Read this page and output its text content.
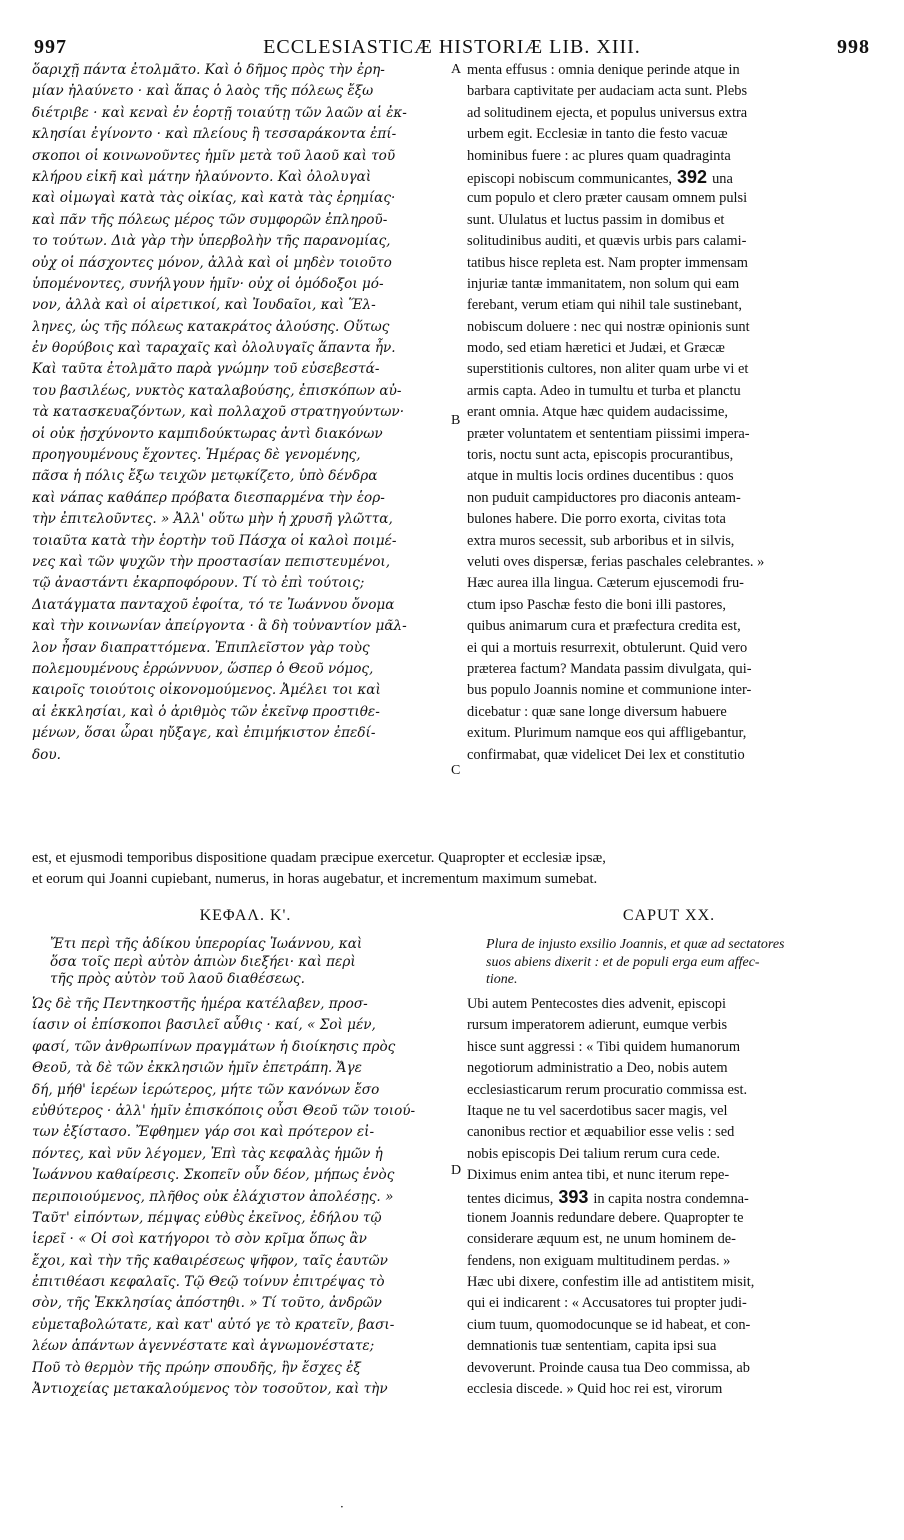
997	ECCLESIASTICÆ HISTORIÆ LIB. XIII.	998
ὅαριχῇ πάντα ἐτολμᾶτο. Καὶ ὁ δῆμος πρὸς τὴν ἐρη-
μίαν ἠλαύνετο · καὶ ἅπας ὁ λαὸς τῆς πόλεως ἔξω
διέτριβε · καὶ κεναὶ ἐν ἑορτῇ τοιαύτῃ τῶν λαῶν αἱ ἐκ-
κλησίαι ἐγίνοντο · καὶ πλείους ἢ τεσσαράκοντα ἐπί-
σκοποι οἱ κοινωνοῦντες ἡμῖν μετὰ τοῦ λαοῦ καὶ τοῦ
κλήρου εἰκῆ καὶ μάτην ἠλαύνοντο. Καὶ ὀλολυγαὶ
καὶ οἰμωγαὶ κατὰ τὰς οἰκίας, καὶ κατὰ τὰς ἐρημίας·
καὶ πᾶν τῆς πόλεως μέρος τῶν συμφορῶν ἐπληροῦ-
το τούτων. Διὰ γὰρ τὴν ὑπερβολὴν τῆς παρανομίας,
οὐχ οἱ πάσχοντες μόνον, ἀλλὰ καὶ οἱ μηδὲν τοιοῦτο
ὑπομένοντες, συνήλγουν ἡμῖν· οὐχ οἱ ὁμόδοξοι μό-
νον, ἀλλὰ καὶ οἱ αἱρετικοί, καὶ Ἰουδαῖοι, καὶ Ἕλ-
ληνες, ὡς τῆς πόλεως κατακράτος ἁλούσης. Οὕτως
ἐν θορύβοις καὶ ταραχαῖς καὶ ὀλολυγαῖς ἅπαντα ἦν.
Καὶ ταῦτα ἐτολμᾶτο παρὰ γνώμην τοῦ εὐσεβεστά-
του βασιλέως, νυκτὸς καταλαβούσης, ἐπισκόπων αὐ-
τὰ κατασκευαζόντων, καὶ πολλαχοῦ στρατηγούντων·
οἱ οὐκ ᾐσχύνοντο καμπιδούκτωρας ἀντὶ διακόνων
προηγουμένους ἔχοντες. Ἡμέρας δὲ γενομένης,
πᾶσα ἡ πόλις ἔξω τειχῶν μετῳκίζετο, ὑπὸ δένδρα
καὶ νάπας καθάπερ πρόβατα διεσπαρμένα τὴν ἑορ-
τὴν ἐπιτελοῦντες. » Ἀλλ' οὕτω μὴν ἡ χρυσῆ γλῶττα,
τοιαῦτα κατὰ τὴν ἑορτὴν τοῦ Πάσχα οἱ καλοὶ ποιμέ-
νες καὶ τῶν ψυχῶν τὴν προστασίαν πεπιστευμένοι,
τῷ ἀναστάντι ἐκαρποφόρουν. Τί τὸ ἐπὶ τούτοις;
Διατάγματα πανταχοῦ ἐφοίτα, τό τε Ἰωάννου ὄνομα
καὶ τὴν κοινωνίαν ἀπείργοντα · ἃ δὴ τοὐναντίον μᾶλ-
λον ἦσαν διαπραττόμενα. Ἐπιπλεῖστον γὰρ τοὺς
πολεμουμένους ἐρρώννυον, ὥσπερ ὁ Θεοῦ νόμος,
καιροῖς τοιούτοις οἰκονομούμενος. Ἀμέλει τοι καὶ
αἱ ἐκκλησίαι, καὶ ὁ ἀριθμὸς τῶν ἐκεῖνφ προστιθε-
μένων, ὅσαι ὧραι ηὔξαγε, καὶ ἐπιμήκιστον ἐπεδί-
δου.
menta effusus : omnia denique perinde atque in
barbara captivitate per audaciam acta sunt. Plebs
ad solitudinem ejecta, et populus universus extra
urbem egit. Ecclesiæ in tanto die festo vacuæ
hominibus fuere : ac plures quam quadraginta
episcopi nobiscum communicantes, 392 una
cum populo et clero præter causam omnem pulsi
sunt. Ululatus et luctus passim in domibus et
solitudinibus auditi, et quævis urbis pars calami-
tatibus hisce repleta est. Nam propter immensam
injuriæ tantæ immanitatem, non solum qui eam
ferebant, verum etiam qui nihil tale sustinebant,
nobiscum doluere : nec qui nostræ opinionis sunt
modo, sed etiam hæretici et Judæi, et Græcæ
superstitionis cultores, non aliter quam urbe vi et
armis capta. Adeo in tumultu et turba et planctu
erant omnia. Atque hæc quidem audacissime,
præter voluntatem et sententiam piissimi impera-
toris, noctu sunt acta, episcopis procurantibus,
atque in multis locis ordines ducentibus : quos
non puduit campiductores pro diaconis anteam-
bulones habere. Die porro exorta, civitas tota
extra muros secessit, sub arboribus et in silvis,
veluti oves dispersæ, ferias paschales celebrantes. »
Hæc aurea illa lingua. Cæterum ejuscemodi fru-
ctum ipso Paschæ festo die boni illi pastores,
quibus animarum cura et præfectura credita est,
ei qui a mortuis resurrexit, obtulerunt. Quid vero
præterea factum? Mandata passim divulgata, qui-
bus populo Joannis nomine et communione inter-
dicebatur : quæ sane longe diversum habuere
exitum. Plurimum namque eos qui affligebantur,
confirmabat, quæ videlicet Dei lex et constitutio
A
B
C
D
est, et ejusmodi temporibus dispositione quadam præcipue exercetur. Quapropter et ecclesiæ ipsæ,
et eorum qui Joanni cupiebant, numerus, in horas augebatur, et incrementum maximum sumebat.
ΚΕΦΑΛ. Κ'.	CAPUT XX.
Ἔτι περὶ τῆς ἀδίκου ὑπερορίας Ἰωάννου, καὶ
ὅσα τοῖς περὶ αὐτὸν ἀπιὼν διεξήει· καὶ περὶ
τῆς πρὸς αὐτὸν τοῦ λαοῦ διαθέσεως.
Plura de injusto exsilio Joannis, et quæ ad sectatores
suos abiens dixerit : et de populi erga eum affec-
tione.
Ὡς δὲ τῆς Πεντηκοστῆς ἡμέρα κατέλαβεν, προσ-
ίασιν οἱ ἐπίσκοποι βασιλεῖ αὖθις · καί, « Σοὶ μέν,
φασί, τῶν ἀνθρωπίνων πραγμάτων ἡ διοίκησις πρὸς
Θεοῦ, τὰ δὲ τῶν ἐκκλησιῶν ἡμῖν ἐπετράπη. Ἄγε
δή, μήθ' ἱερέων ἱερώτερος, μήτε τῶν κανόνων ἔσο
εὐθύτερος · ἀλλ' ἡμῖν ἐπισκόποις οὖσι Θεοῦ τῶν τοιού-
των ἐξίστασο. Ἔφθημεν γάρ σοι καὶ πρότερον εἰ-
πόντες, καὶ νῦν λέγομεν, Ἐπὶ τὰς κεφαλὰς ἡμῶν ἡ
Ἰωάννου καθαίρεσις. Σκοπεῖν οὖν δέον, μήπως ἑνὸς
περιποιούμενος, πλῆθος οὐκ ἐλάχιστον ἀπολέσῃς. »
Ταῦτ' εἰπόντων, πέμψας εὐθὺς ἐκεῖνος, ἐδήλου τῷ
ἱερεῖ · « Οἱ σοὶ κατήγοροι τὸ σὸν κρῖμα ὅπως ἂν
ἔχοι, καὶ τὴν τῆς καθαιρέσεως ψῆφον, ταῖς ἑαυτῶν
ἐπιτιθέασι κεφαλαῖς. Τῷ Θεῷ τοίνυν ἐπιτρέψας τὸ
σὸν, τῆς Ἐκκλησίας ἀπόστηθι. » Τί τοῦτο, ἀνδρῶν
εὐμεταβολώτατε, καὶ κατ' αὐτό γε τὸ κρατεῖν, βασι-
λέων ἁπάντων ἀγεννέστατε καὶ ἀγνωμονέστατε;
Ποῦ τὸ θερμὸν τῆς πρώην σπουδῆς, ἣν ἔσχες ἐξ
Ἀντιοχείας μετακαλούμενος τὸν τοσοῦτον, καὶ τὴν
Ubi autem Pentecostes dies advenit, episcopi
rursum imperatorem adierunt, eumque verbis
hisce sunt aggressi : « Tibi quidem humanorum
negotiorum administratio a Deo, nobis autem
ecclesiasticarum rerum procuratio commissa est.
Itaque ne tu vel sacerdotibus sacer magis, vel
canonibus rectior et æquabilior esse velis : sed
nobis episcopis Dei talium rerum cura cede.
Diximus enim antea tibi, et nunc iterum repe-
tentes dicimus, 393 in capita nostra condemna-
tionem Joannis redundare debere. Quapropter te
considerare æquum est, ne unum hominem de-
fendens, non exiguam multitudinem perdas. »
Hæc ubi dixere, confestim ille ad antistitem misit,
qui ei indicarent : « Accusatores tui propter judi-
cium tuum, quomodocunque se id habeat, et con-
demnationis tuæ sententiam, capita ipsi sua
devoverunt. Proinde causa tua Deo commissa, ab
ecclesia discede. » Quid hoc rei est, virorum
·
